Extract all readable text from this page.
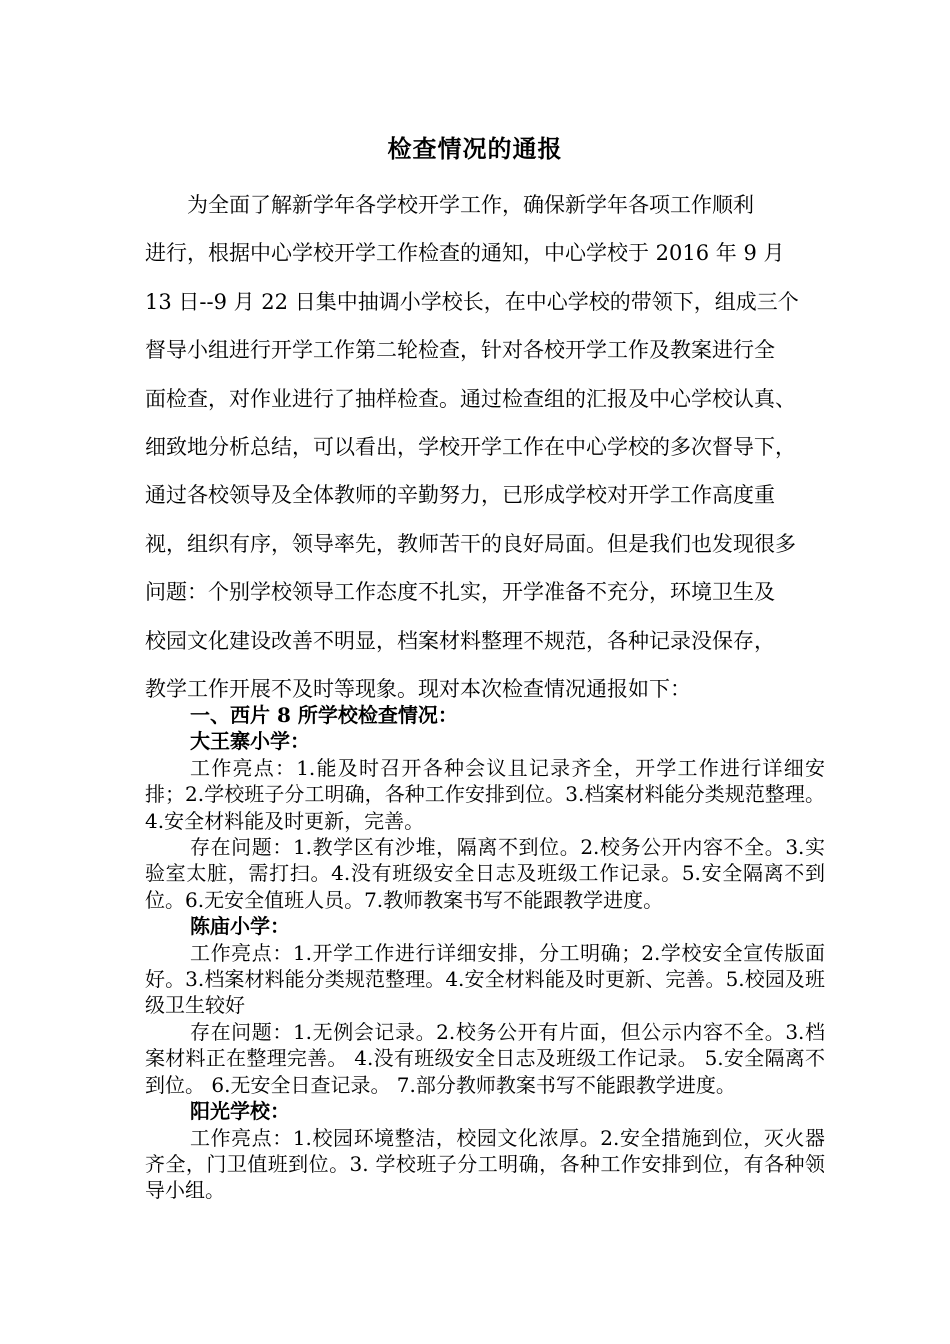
检查情况的通报
　　为全面了解新学年各学校开学工作，确保新学年各项工作顺利
进行，根据中心学校开学工作检查的通知，中心学校于 2016 年 9 月
13 日--9 月 22 日集中抽调小学校长，在中心学校的带领下，组成三个
督导小组进行开学工作第二轮检查，针对各校开学工作及教案进行全
面检查，对作业进行了抽样检查。通过检查组的汇报及中心学校认真、
细致地分析总结，可以看出，学校开学工作在中心学校的多次督导下，
通过各校领导及全体教师的辛勤努力，已形成学校对开学工作高度重
视，组织有序，领导率先，教师苦干的良好局面。但是我们也发现很多
问题：个别学校领导工作态度不扎实，开学准备不充分，环境卫生及
校园文化建设改善不明显，档案材料整理不规范，各种记录没保存，
教学工作开展不及时等现象。现对本次检查情况通报如下：
一、西片 8 所学校检查情况：
大王寨小学：

工作亮点：1.能及时召开各种会议且记录齐全，开学工作进行详细安排；2.学校班子分工明确，各种工作安排到位。3.档案材料能分类规范整理。4.安全材料能及时更新，完善。

存在问题：1.教学区有沙堆，隔离不到位。2.校务公开内容不全。3.实验室太脏，需打扫。4.没有班级安全日志及班级工作记录。5.安全隔离不到位。6.无安全值班人员。7.教师教案书写不能跟教学进度。

陈庙小学：

工作亮点：1.开学工作进行详细安排，分工明确；2.学校安全宣传版面好。3.档案材料能分类规范整理。4.安全材料能及时更新、完善。5.校园及班级卫生较好

存在问题：1.无例会记录。2.校务公开有片面，但公示内容不全。3.档案材料正在整理完善。 4.没有班级安全日志及班级工作记录。 5.安全隔离不到位。 6.无安全日查记录。 7.部分教师教案书写不能跟教学进度。

阳光学校：

工作亮点：1.校园环境整洁，校园文化浓厚。2.安全措施到位，灭火器齐全，门卫值班到位。3. 学校班子分工明确，各种工作安排到位，有各种领导小组。
